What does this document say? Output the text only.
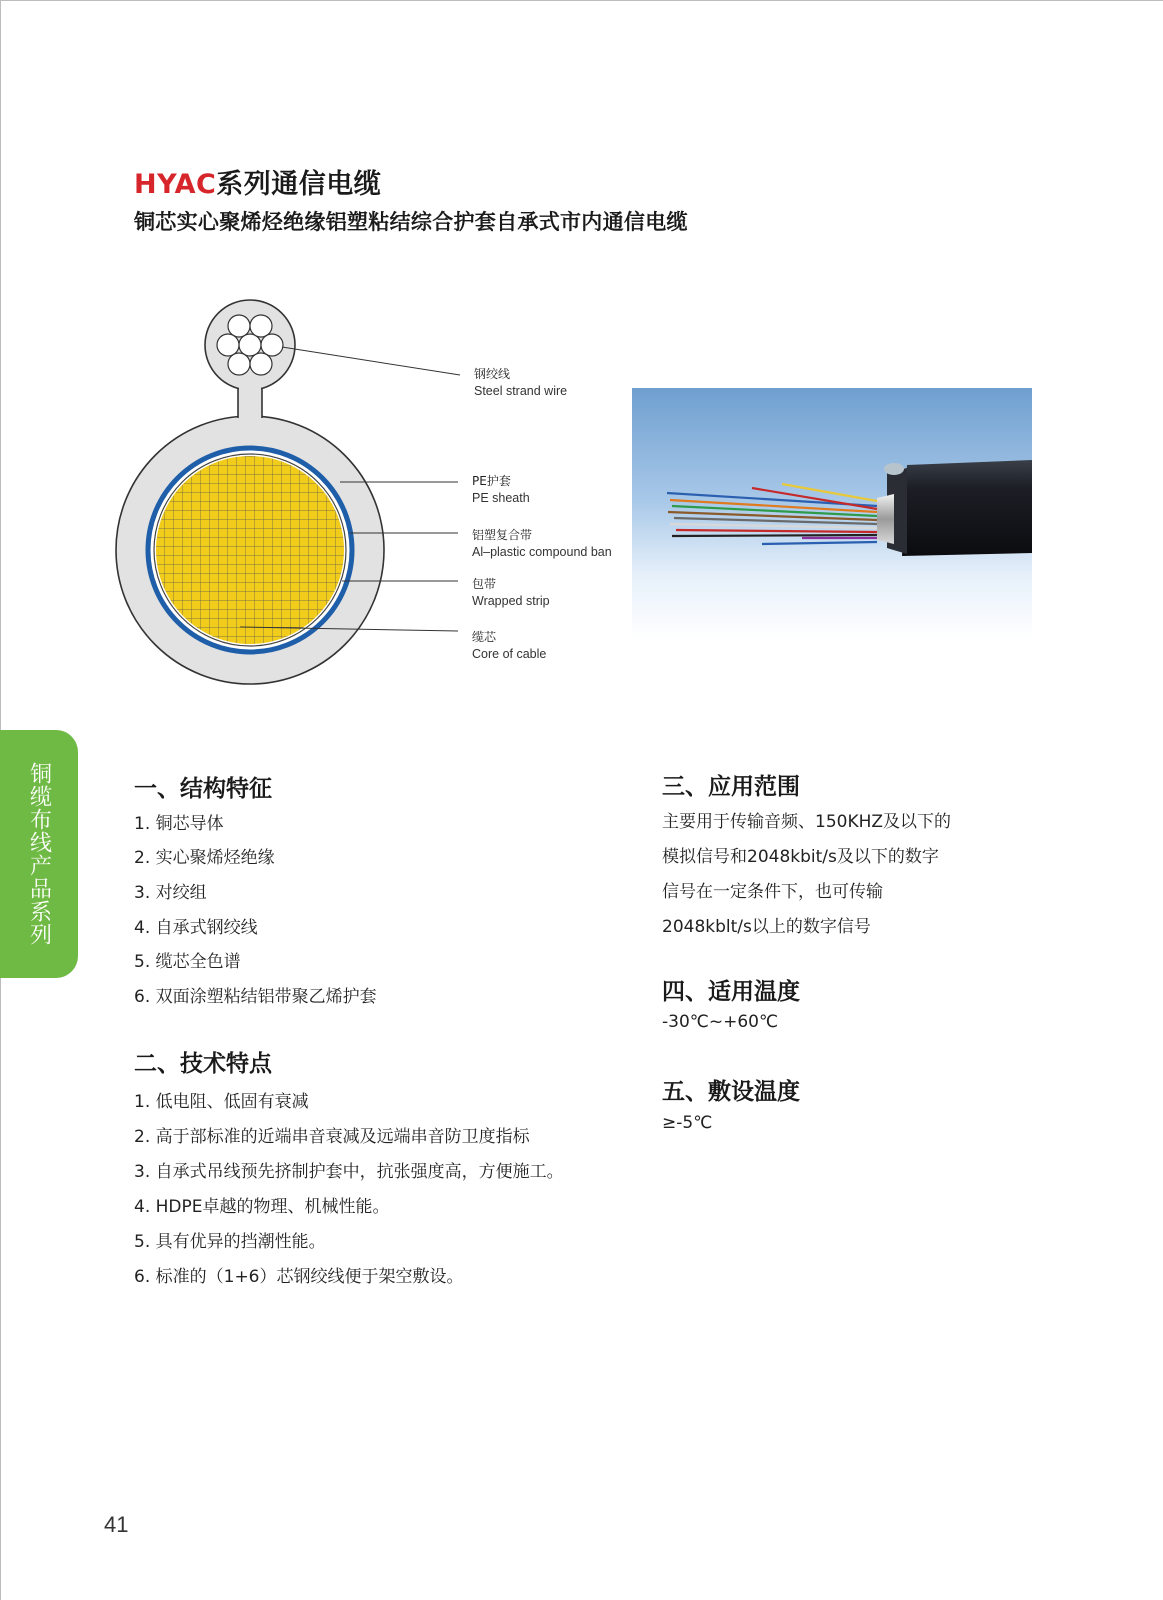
HYAC系列通信电缆
铜芯实心聚烯烃绝缘铝塑粘结综合护套自承式市内通信电缆
钢绞线
Steel strand wire
PE护套
PE sheath
铝塑复合带
Al–plastic compound ban
包带
Wrapped strip
缆芯
Core of cable
铜缆布线产品系列	一、结构特征
1. 铜芯导体
2. 实心聚烯烃绝缘
3. 对绞组
4. 自承式钢绞线
5. 缆芯全色谱
6. 双面涂塑粘结铝带聚乙烯护套
二、技术特点
1. 低电阻、低固有衰减
2. 高于部标准的近端串音衰减及远端串音防卫度指标
3. 自承式吊线预先挤制护套中，抗张强度高，方便施工。
4. HDPE卓越的物理、机械性能。
5. 具有优异的挡潮性能。
6. 标准的（1+6）芯钢绞线便于架空敷设。
三、应用范围
主要用于传输音频、150KHZ及以下的
模拟信号和2048kbit/s及以下的数字
信号在一定条件下，也可传输
2048kblt/s以上的数字信号
四、适用温度
-30℃~+60℃
五、敷设温度
≥-5℃
41
